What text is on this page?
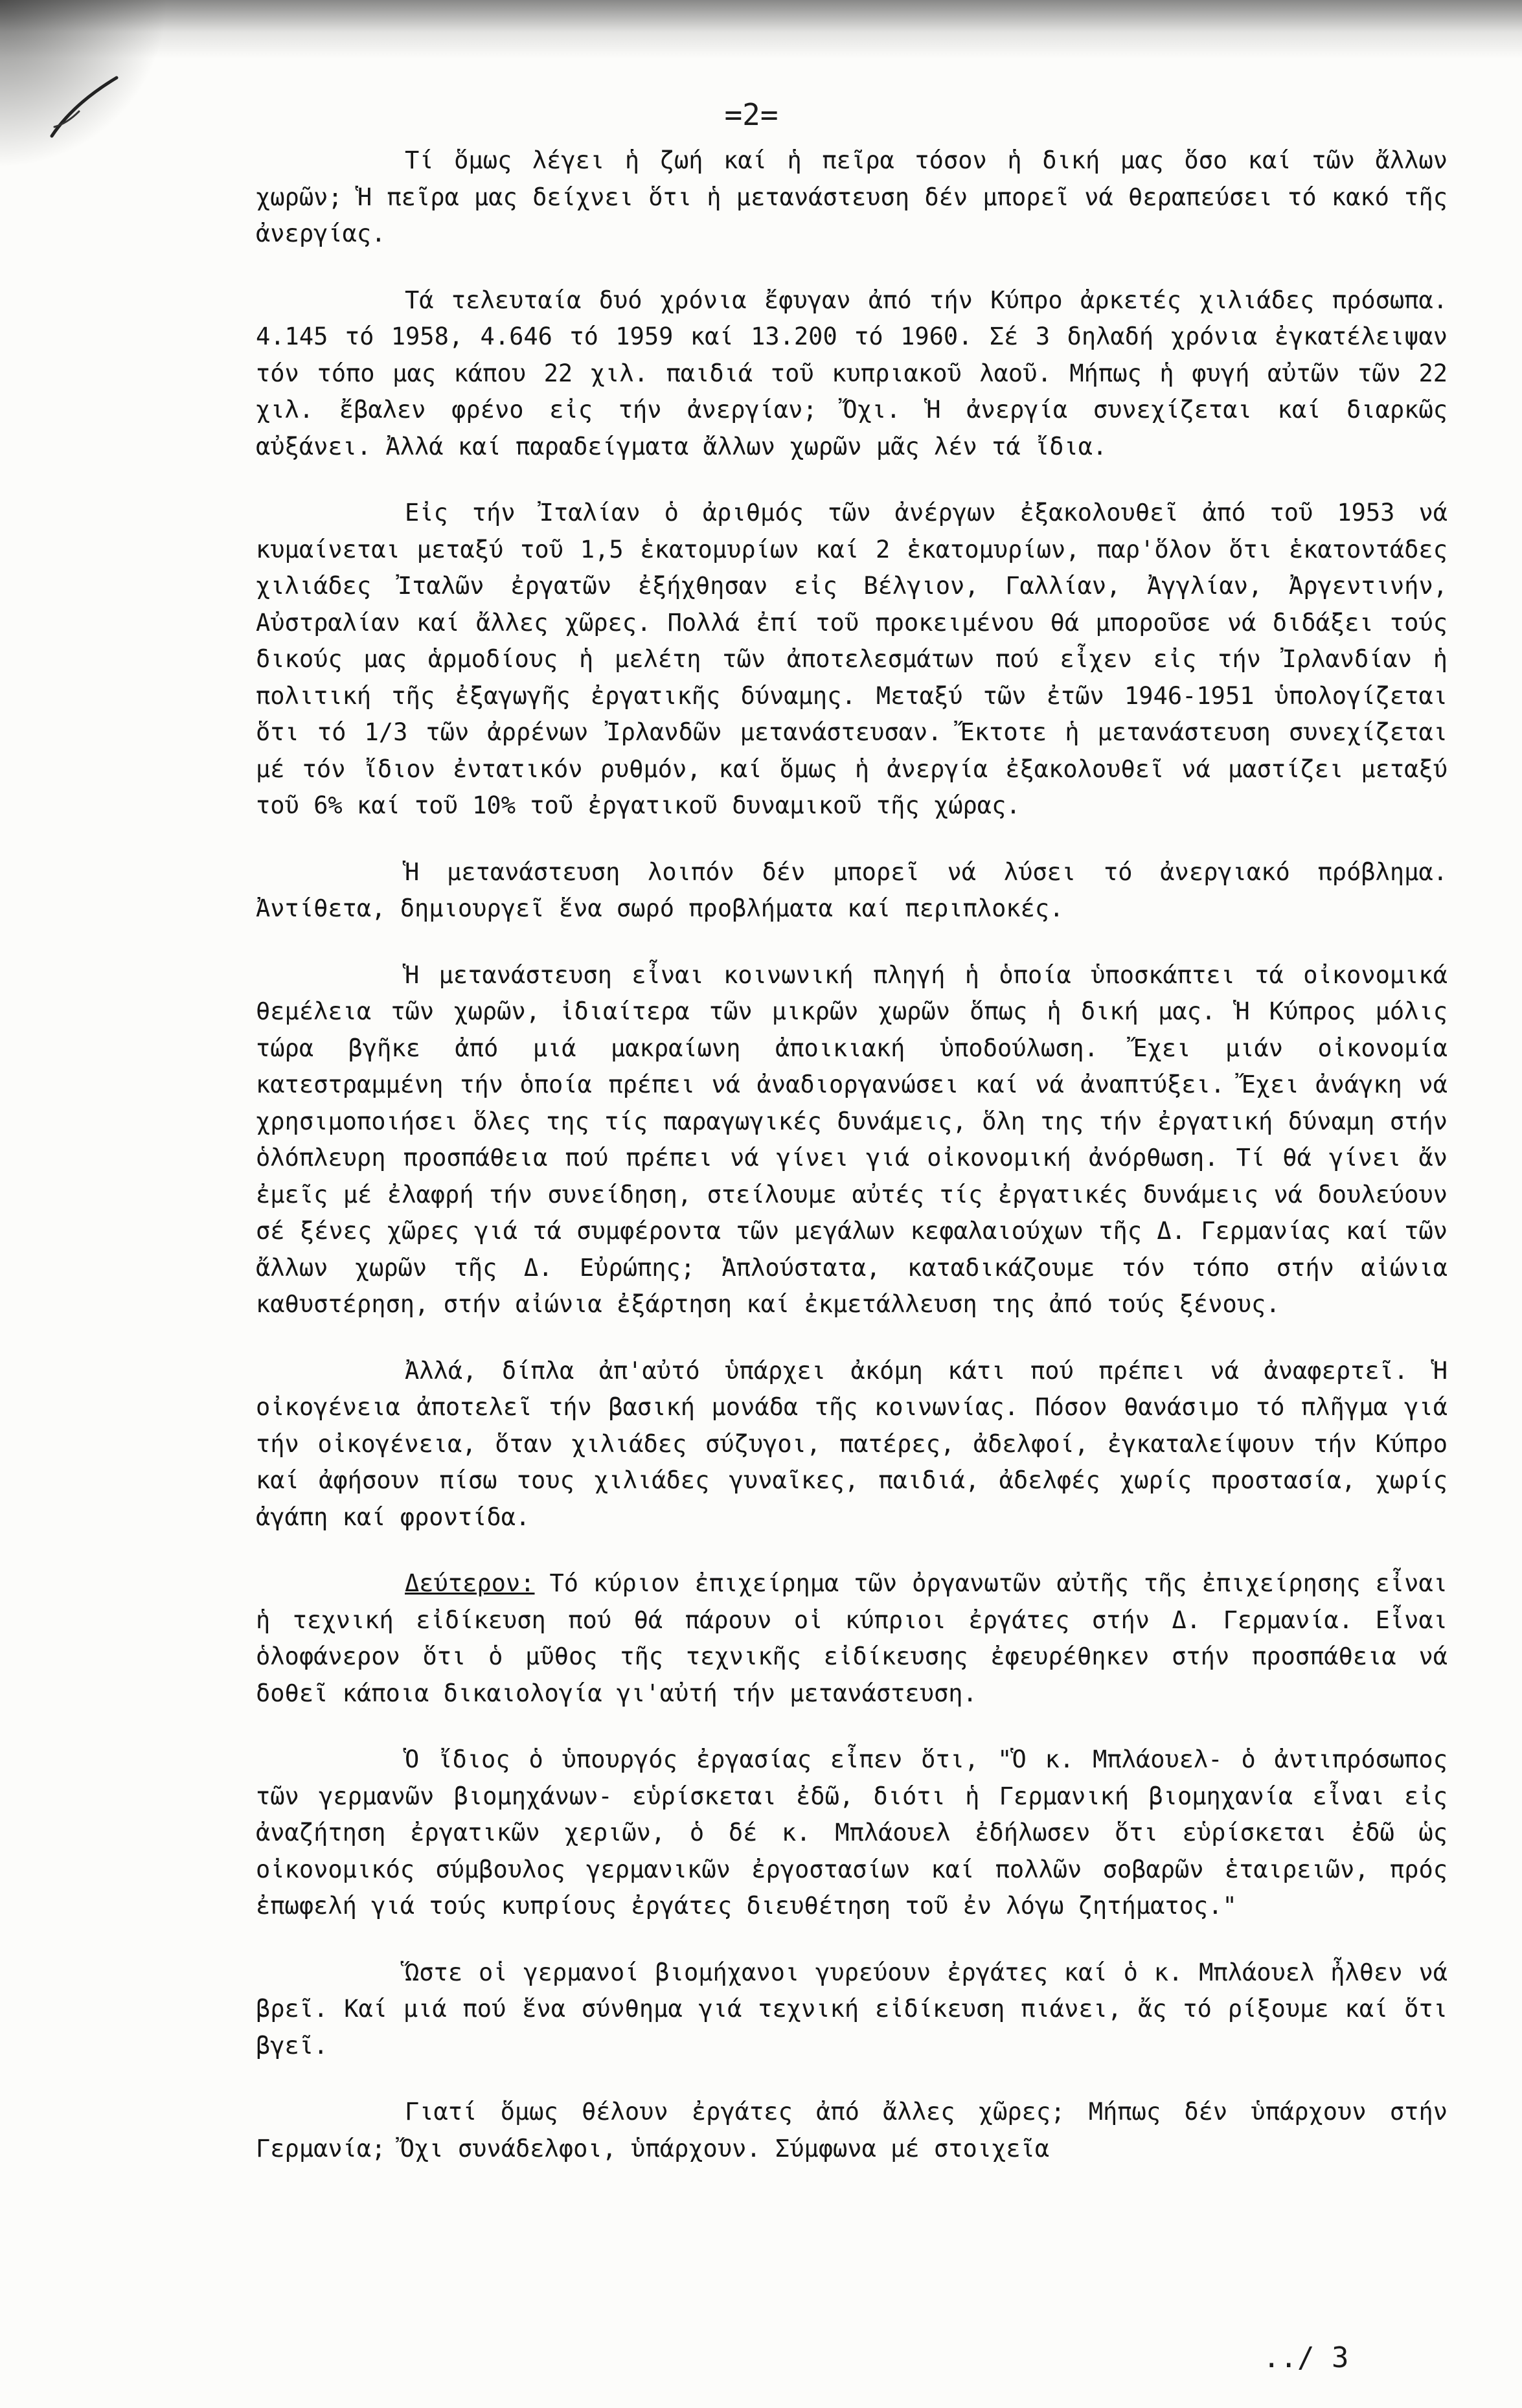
=2=

Τί ὅμως λέγει ἡ ζωή καί ἡ πεῖρα τόσον ἡ δική μας ὅσο καί τῶν ἄλλων χωρῶν; Ἡ πεῖρα μας δείχνει ὅτι ἡ μετανάστευση δέν μπορεῖ νά θεραπεύσει τό κακό τῆς ἀνεργίας.

Τά τελευταία δυό χρόνια ἔφυγαν ἀπό τήν Κύπρο ἀρκετές χιλιάδες πρόσωπα. 4.145 τό 1958, 4.646 τό 1959 καί 13.200 τό 1960. Σέ 3 δηλαδή χρόνια ἐγκατέλειψαν τόν τόπο μας κάπου 22 χιλ. παιδιά τοῦ κυπριακοῦ λαοῦ. Μήπως ἡ φυγή αὐτῶν τῶν 22 χιλ. ἔβαλεν φρένο εἰς τήν ἀνεργίαν; Ὄχι. Ἡ ἀνεργία συνεχίζεται καί διαρκῶς αὐξάνει. Ἀλλά καί παραδείγματα ἄλλων χωρῶν μᾶς λέν τά ἴδια.

Εἰς τήν Ἰταλίαν ὁ ἀριθμός τῶν ἀνέργων ἐξακολουθεῖ ἀπό τοῦ 1953 νά κυμαίνεται μεταξύ τοῦ 1,5 ἑκατομυρίων καί 2 ἑκατομυρίων, παρ'ὅλον ὅτι ἑκατοντάδες χιλιάδες Ἰταλῶν ἐργατῶν ἐξήχθησαν εἰς Βέλγιον, Γαλλίαν, Ἀγγλίαν, Ἀργεντινήν, Αὐστραλίαν καί ἄλλες χῶρες. Πολλά ἐπί τοῦ προκειμένου θά μποροῦσε νά διδάξει τούς δικούς μας ἁρμοδίους ἡ μελέτη τῶν ἀποτελεσμάτων πού εἶχεν εἰς τήν Ἰρλανδίαν ἡ πολιτική τῆς ἐξαγωγῆς ἐργατικῆς δύναμης. Μεταξύ τῶν ἐτῶν 1946-1951 ὑπολογίζεται ὅτι τό 1/3 τῶν ἀρρένων Ἰρλανδῶν μετανάστευσαν. Ἔκτοτε ἡ μετανάστευση συνεχίζεται μέ τόν ἴδιον ἐντατικόν ρυθμόν, καί ὅμως ἡ ἀνεργία ἐξακολουθεῖ νά μαστίζει μεταξύ τοῦ 6% καί τοῦ 10% τοῦ ἐργατικοῦ δυναμικοῦ τῆς χώρας.

Ἡ μετανάστευση λοιπόν δέν μπορεῖ νά λύσει τό ἀνεργιακό πρόβλημα. Ἀντίθετα, δημιουργεῖ ἕνα σωρό προβλήματα καί περιπλοκές.

Ἡ μετανάστευση εἶναι κοινωνική πληγή ἡ ὁποία ὑποσκάπτει τά οἰκονομικά θεμέλεια τῶν χωρῶν, ἰδιαίτερα τῶν μικρῶν χωρῶν ὅπως ἡ δική μας. Ἡ Κύπρος μόλις τώρα βγῆκε ἀπό μιά μακραίωνη ἀποικιακή ὑποδούλωση. Ἔχει μιάν οἰκονομία κατεστραμμένη τήν ὁποία πρέπει νά ἀναδιοργανώσει καί νά ἀναπτύξει. Ἔχει ἀνάγκη νά χρησιμοποιήσει ὅλες της τίς παραγωγικές δυνάμεις, ὅλη της τήν ἐργατική δύναμη στήν ὁλόπλευρη προσπάθεια πού πρέπει νά γίνει γιά οἰκονομική ἀνόρθωση. Τί θά γίνει ἄν ἐμεῖς μέ ἐλαφρή τήν συνείδηση, στείλουμε αὐτές τίς ἐργατικές δυνάμεις νά δουλεύουν σέ ξένες χῶρες γιά τά συμφέροντα τῶν μεγάλων κεφαλαιούχων τῆς Δ. Γερμανίας καί τῶν ἄλλων χωρῶν τῆς Δ. Εὐρώπης; Ἁπλούστατα, καταδικάζουμε τόν τόπο στήν αἰώνια καθυστέρηση, στήν αἰώνια ἐξάρτηση καί ἐκμετάλλευση της ἀπό τούς ξένους.

Ἀλλά, δίπλα ἀπ'αὐτό ὑπάρχει ἀκόμη κάτι πού πρέπει νά ἀναφερτεῖ. Ἡ οἰκογένεια ἀποτελεῖ τήν βασική μονάδα τῆς κοινωνίας. Πόσον θανάσιμο τό πλῆγμα γιά τήν οἰκογένεια, ὅταν χιλιάδες σύζυγοι, πατέρες, ἀδελφοί, ἐγκαταλείψουν τήν Κύπρο καί ἀφήσουν πίσω τους χιλιάδες γυναῖκες, παιδιά, ἀδελφές χωρίς προστασία, χωρίς ἀγάπη καί φροντίδα.

Δεύτερον: Τό κύριον ἐπιχείρημα τῶν ὀργανωτῶν αὐτῆς τῆς ἐπιχείρησης εἶναι ἡ τεχνική εἰδίκευση πού θά πάρουν οἱ κύπριοι ἐργάτες στήν Δ. Γερμανία. Εἶναι ὁλοφάνερον ὅτι ὁ μῦθος τῆς τεχνικῆς εἰδίκευσης ἐφευρέθηκεν στήν προσπάθεια νά δοθεῖ κάποια δικαιολογία γι'αὐτή τήν μετανάστευση.

Ὁ ἴδιος ὁ ὑπουργός ἐργασίας εἶπεν ὅτι, "Ὁ κ. Μπλάουελ- ὁ ἀντιπρόσωπος τῶν γερμανῶν βιομηχάνων- εὑρίσκεται ἐδῶ, διότι ἡ Γερμανική βιομηχανία εἶναι εἰς ἀναζήτηση ἐργατικῶν χεριῶν, ὁ δέ κ. Μπλάουελ ἐδήλωσεν ὅτι εὑρίσκεται ἐδῶ ὡς οἰκονομικός σύμβουλος γερμανικῶν ἐργοστασίων καί πολλῶν σοβαρῶν ἑταιρειῶν, πρός ἐπωφελή γιά τούς κυπρίους ἐργάτες διευθέτηση τοῦ ἐν λόγω ζητήματος."

Ὥστε οἱ γερμανοί βιομήχανοι γυρεύουν ἐργάτες καί ὁ κ. Μπλάουελ ἦλθεν νά βρεῖ. Καί μιά πού ἕνα σύνθημα γιά τεχνική εἰδίκευση πιάνει, ἄς τό ρίξουμε καί ὅτι βγεῖ.

Γιατί ὅμως θέλουν ἐργάτες ἀπό ἄλλες χῶρες; Μήπως δέν ὑπάρχουν στήν Γερμανία; Ὄχι συνάδελφοι, ὑπάρχουν. Σύμφωνα μέ στοιχεῖα

../ 3
